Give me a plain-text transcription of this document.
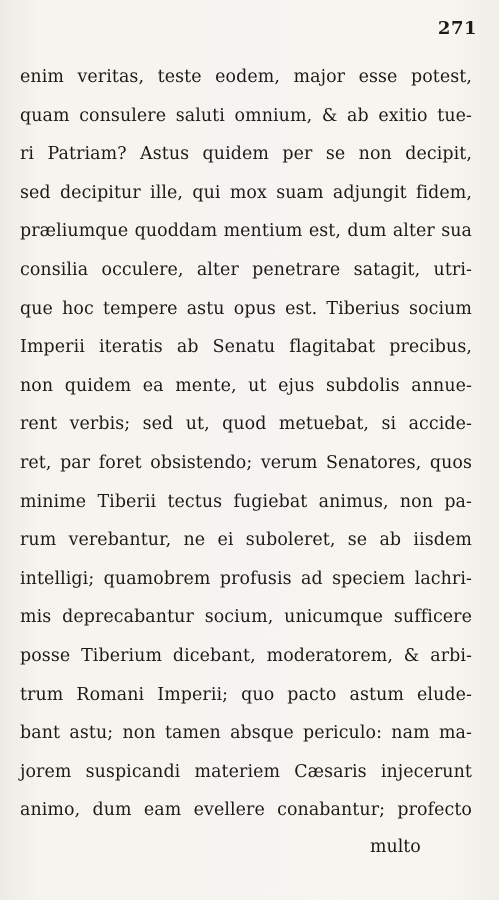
271
enim veritas, teste eodem, major esse potest,
quam consulere saluti omnium, & ab exitio tue-
ri Patriam? Astus quidem per se non decipit,
sed decipitur ille, qui mox suam adjungit fidem,
præliumque quoddam mentium est, dum alter sua
consilia occulere, alter penetrare satagit, utri-
que hoc tempere astu opus est. Tiberius socium
Imperii iteratis ab Senatu flagitabat precibus,
non quidem ea mente, ut ejus subdolis annue-
rent verbis; sed ut, quod metuebat, si accide-
ret, par foret obsistendo; verum Senatores, quos
minime Tiberii tectus fugiebat animus, non pa-
rum verebantur, ne ei suboleret, se ab iisdem
intelligi; quamobrem profusis ad speciem lachri-
mis deprecabantur socium, unicumque sufficere
posse Tiberium dicebant, moderatorem, & arbi-
trum Romani Imperii; quo pacto astum elude-
bant astu; non tamen absque periculo: nam ma-
jorem suspicandi materiem Cæsaris injecerunt
animo, dum eam evellere conabantur; profecto
multo
